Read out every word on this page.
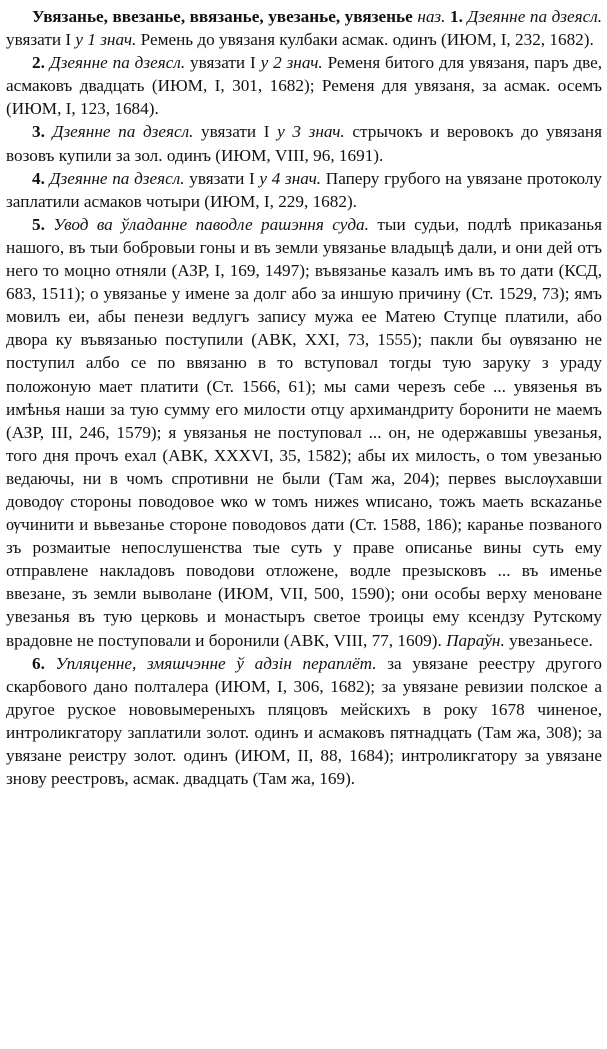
Увязанье, ввезанье, ввязанье, увезанье, увязенье наз. 1. Дзеянне па дзеясл. увязати І у 1 знач. Ремень до увязаня кулбаки асмак. одинъ (ИЮМ, I, 232, 1682).

2. Дзеянне па дзеясл. увязати І у 2 знач. Ременя битого для увязаня, паръ две, асмаковъ двадцать (ИЮМ, I, 301, 1682); Ременя для увязаня, за асмак. осемъ (ИЮМ, I, 123, 1684).

3. Дзеянне па дзеясл. увязати І у 3 знач. стрычокъ и веровокъ до увязаня возовъ купили за зол. одинъ (ИЮМ, VIII, 96, 1691).

4. Дзеянне па дзеясл. увязати І у 4 знач. Паперу грубого на увязане протоколу заплатили асмаков чотыри (ИЮМ, I, 229, 1682).

5. Увод ва ўладанне паводле рашэння суда. тыи судьи, подлѣ приказанья нашого, въ тыи бобровыи гоны и въ земли увязанье владыцѣ дали, и они дей отъ него то моцно отняли (АЗР, I, 169, 1497); въвязанье казалъ имъ въ то дати (КСД, 683, 1511); о увязанье у имене за долг або за иншую причину (Ст. 1529, 73); ямъ мовилъ еи, абы пенези ведлугъ запису мужа ее Матею Ступце платили, або двора ку въвязанью поступили (АВК, XXI, 73, 1555); пакли бы ѹвязаню не поступил албо се по ввязаню в то вступовал тогды тую заруку з ураду положоную мает платити (Ст. 1566, 61); мы сами черезъ себе ... увязенья въ имѣнья наши за тую сумму его милости отцу архимандриту боронити не маемъ (АЗР, III, 246, 1579); я увязанья не поступовал ... он, не одержавшы увезанья, того дня прочъ ехал (АВК, XXXVI, 35, 1582); абы их милость, о том увезанью ведаючы, ни в чомъ спротивни не были (Там жа, 204); первеѕ выслѹхавши доводѹ стороны поводовое ѡко ѡ томъ нижеѕ ѡписано, тожъ маеть вскazанье ѹчинити и вьвезанье стороне поводовоѕ дати (Ст. 1588, 186); каранье позваного зъ розмаитые непослушенства тые суть у праве описанье вины суть ему отправлене накладовъ поводови отложене, водле презысковъ ... въ именье ввезане, зъ земли выволане (ИЮМ, VII, 500, 1590); они особы верху меноване увезанья въ тую церковь и монастыръ светое троицы ему ксендзу Рутскому врадовне не поступовали и боронили (АВК, VIII, 77, 1609). Параўн. увезаньесе.

6. Упляценне, змяшчэнне ў адзін пераплёт. за увязане реестру другого скарбового дано полталера (ИЮМ, I, 306, 1682); за увязане ревизии полское а другое руское нововымереныхъ пляцовъ мейскихъ в року 1678 чиненое, интроликгатору заплатили золот. одинъ и асмаковъ пятнадцать (Там жа, 308); за увязане реистру золот. одинъ (ИЮМ, II, 88, 1684); интроликгатору за увязане знову реестровъ, асмак. двадцать (Там жа, 169).
